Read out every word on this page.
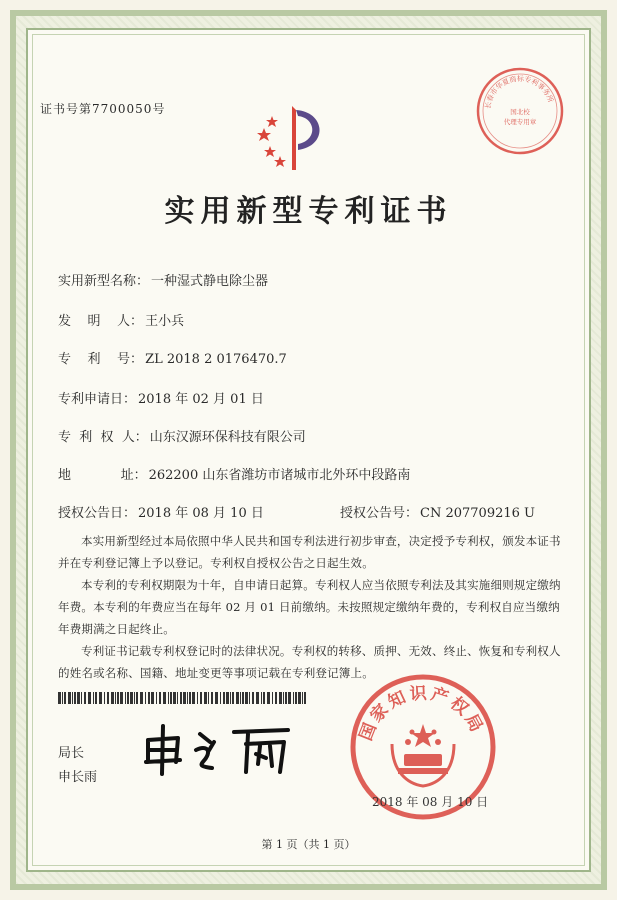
证书号第7700050号
实用新型专利证书
长春市华夏商标专利事务所
国北校
代理专用章
实用新型名称： 一种湿式静电除尘器
发    明    人： 王小兵
专    利    号： ZL 2018 2 0176470.7
专利申请日： 2018 年 02 月 01 日
专  利  权  人： 山东汉源环保科技有限公司
地            址： 262200 山东省潍坊市诸城市北外环中段路南
授权公告日： 2018 年 08 月 10 日	授权公告号： CN 207709216 U

本实用新型经过本局依照中华人民共和国专利法进行初步审查，决定授予专利权，颁发本证书并在专利登记簿上予以登记。专利权自授权公告之日起生效。

本专利的专利权期限为十年，自申请日起算。专利权人应当依照专利法及其实施细则规定缴纳年费。本专利的年费应当在每年 02 月 01 日前缴纳。未按照规定缴纳年费的，专利权自应当缴纳年费期满之日起终止。

专利证书记载专利权登记时的法律状况。专利权的转移、质押、无效、终止、恢复和专利权人的姓名或名称、国籍、地址变更等事项记载在专利登记簿上。

局长
申长雨
国家知识产权局
2018 年 08 月 10 日
第 1 页（共 1 页）
